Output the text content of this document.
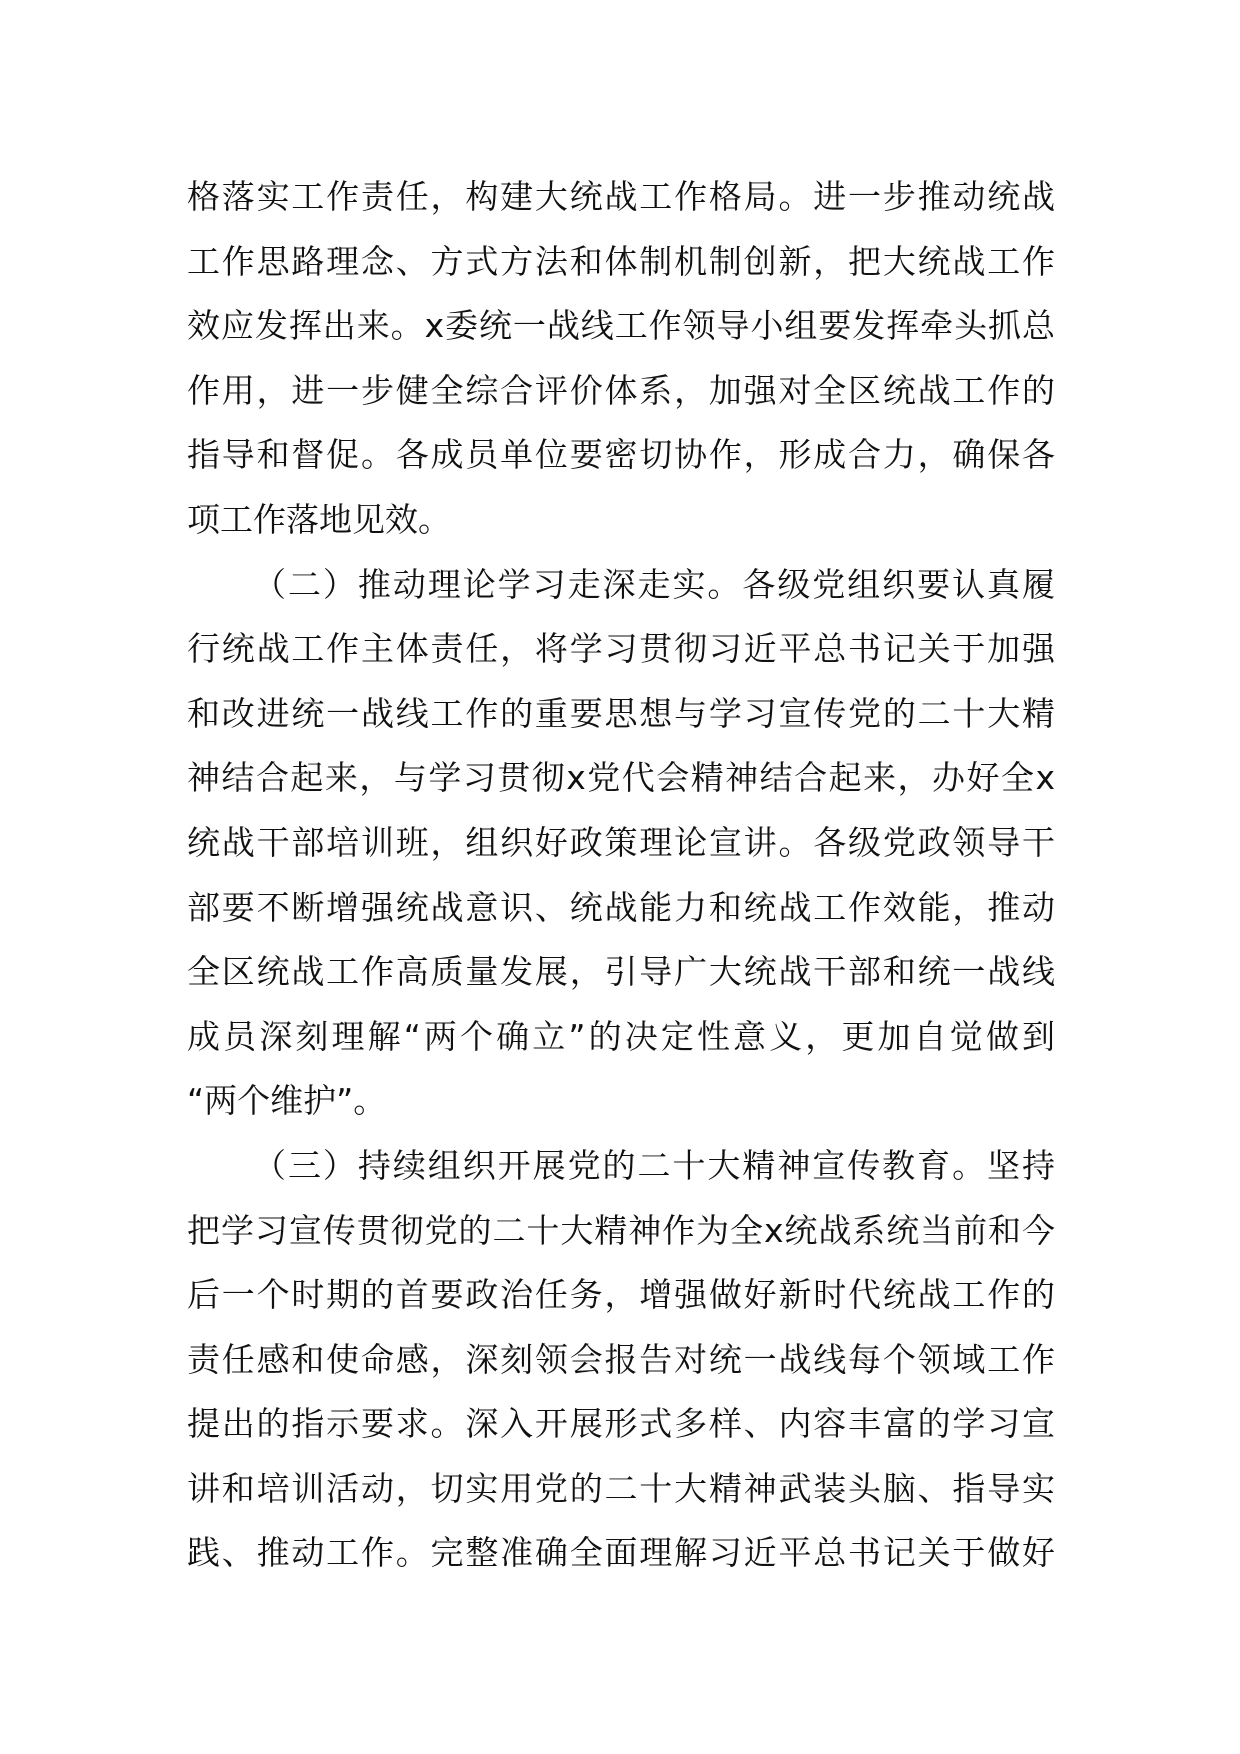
格落实工作责任，构建大统战工作格局。进一步推动统战
工作思路理念、方式方法和体制机制创新，把大统战工作
效应发挥出来。x委统一战线工作领导小组要发挥牵头抓总
作用，进一步健全综合评价体系，加强对全区统战工作的
指导和督促。各成员单位要密切协作，形成合力，确保各
项工作落地见效。
（二）推动理论学习走深走实。各级党组织要认真履
行统战工作主体责任，将学习贯彻习近平总书记关于加强
和改进统一战线工作的重要思想与学习宣传党的二十大精
神结合起来，与学习贯彻x党代会精神结合起来，办好全x
统战干部培训班，组织好政策理论宣讲。各级党政领导干
部要不断增强统战意识、统战能力和统战工作效能，推动
全区统战工作高质量发展，引导广大统战干部和统一战线
成员深刻理解“两个确立”的决定性意义，更加自觉做到
“两个维护”。
（三）持续组织开展党的二十大精神宣传教育。坚持
把学习宣传贯彻党的二十大精神作为全x统战系统当前和今
后一个时期的首要政治任务，增强做好新时代统战工作的
责任感和使命感，深刻领会报告对统一战线每个领域工作
提出的指示要求。深入开展形式多样、内容丰富的学习宣
讲和培训活动，切实用党的二十大精神武装头脑、指导实
践、推动工作。完整准确全面理解习近平总书记关于做好
